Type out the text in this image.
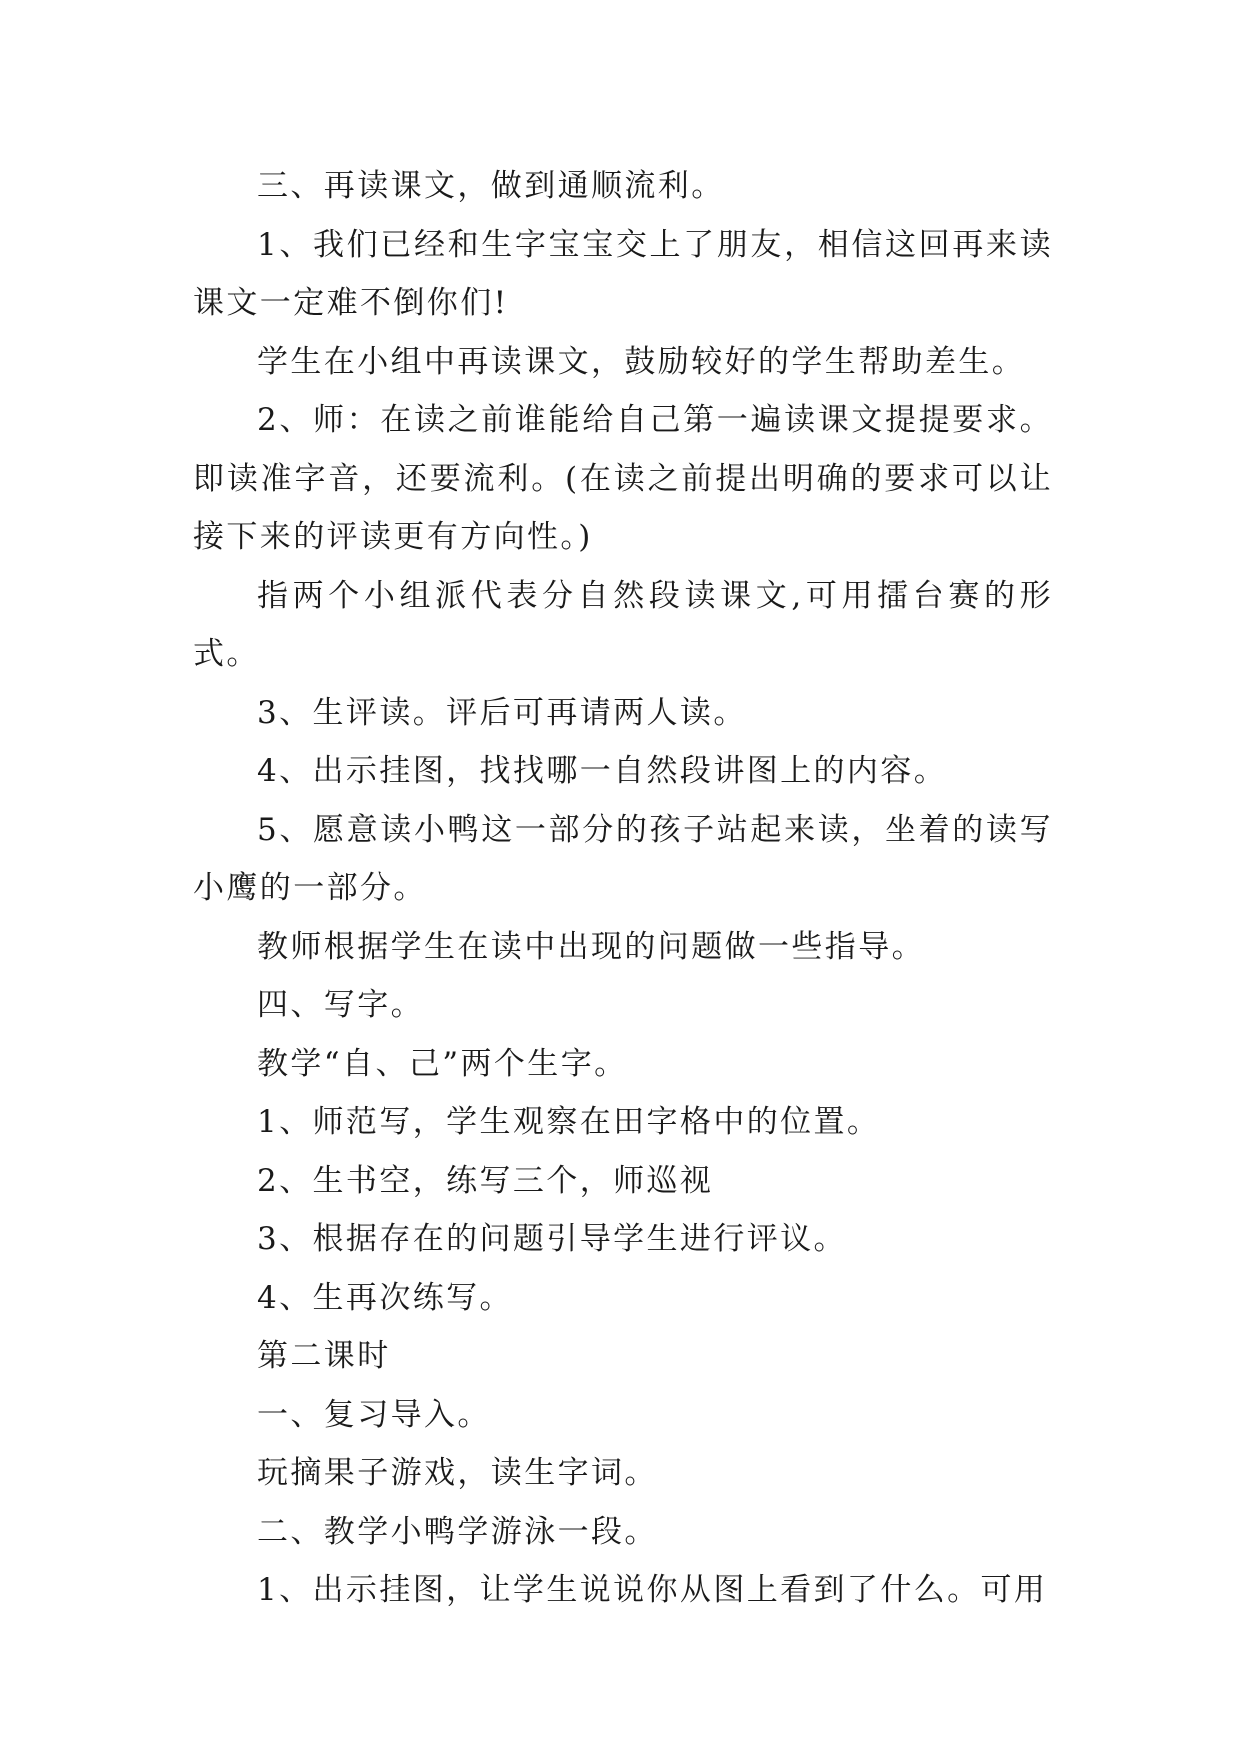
三、再读课文，做到通顺流利。

1、我们已经和生字宝宝交上了朋友，相信这回再来读课文一定难不倒你们!

学生在小组中再读课文，鼓励较好的学生帮助差生。

2、师：在读之前谁能给自己第一遍读课文提提要求。即读准字音，还要流利。(在读之前提出明确的要求可以让接下来的评读更有方向性。)

指两个小组派代表分自然段读课文,可用擂台赛的形式。

3、生评读。评后可再请两人读。

4、出示挂图，找找哪一自然段讲图上的内容。

5、愿意读小鸭这一部分的孩子站起来读，坐着的读写小鹰的一部分。

教师根据学生在读中出现的问题做一些指导。

四、写字。

教学“自、己”两个生字。

1、师范写，学生观察在田字格中的位置。

2、生书空，练写三个，师巡视

3、根据存在的问题引导学生进行评议。

4、生再次练写。

第二课时

一、复习导入。

玩摘果子游戏，读生字词。

二、教学小鸭学游泳一段。

1、出示挂图，让学生说说你从图上看到了什么。可用
